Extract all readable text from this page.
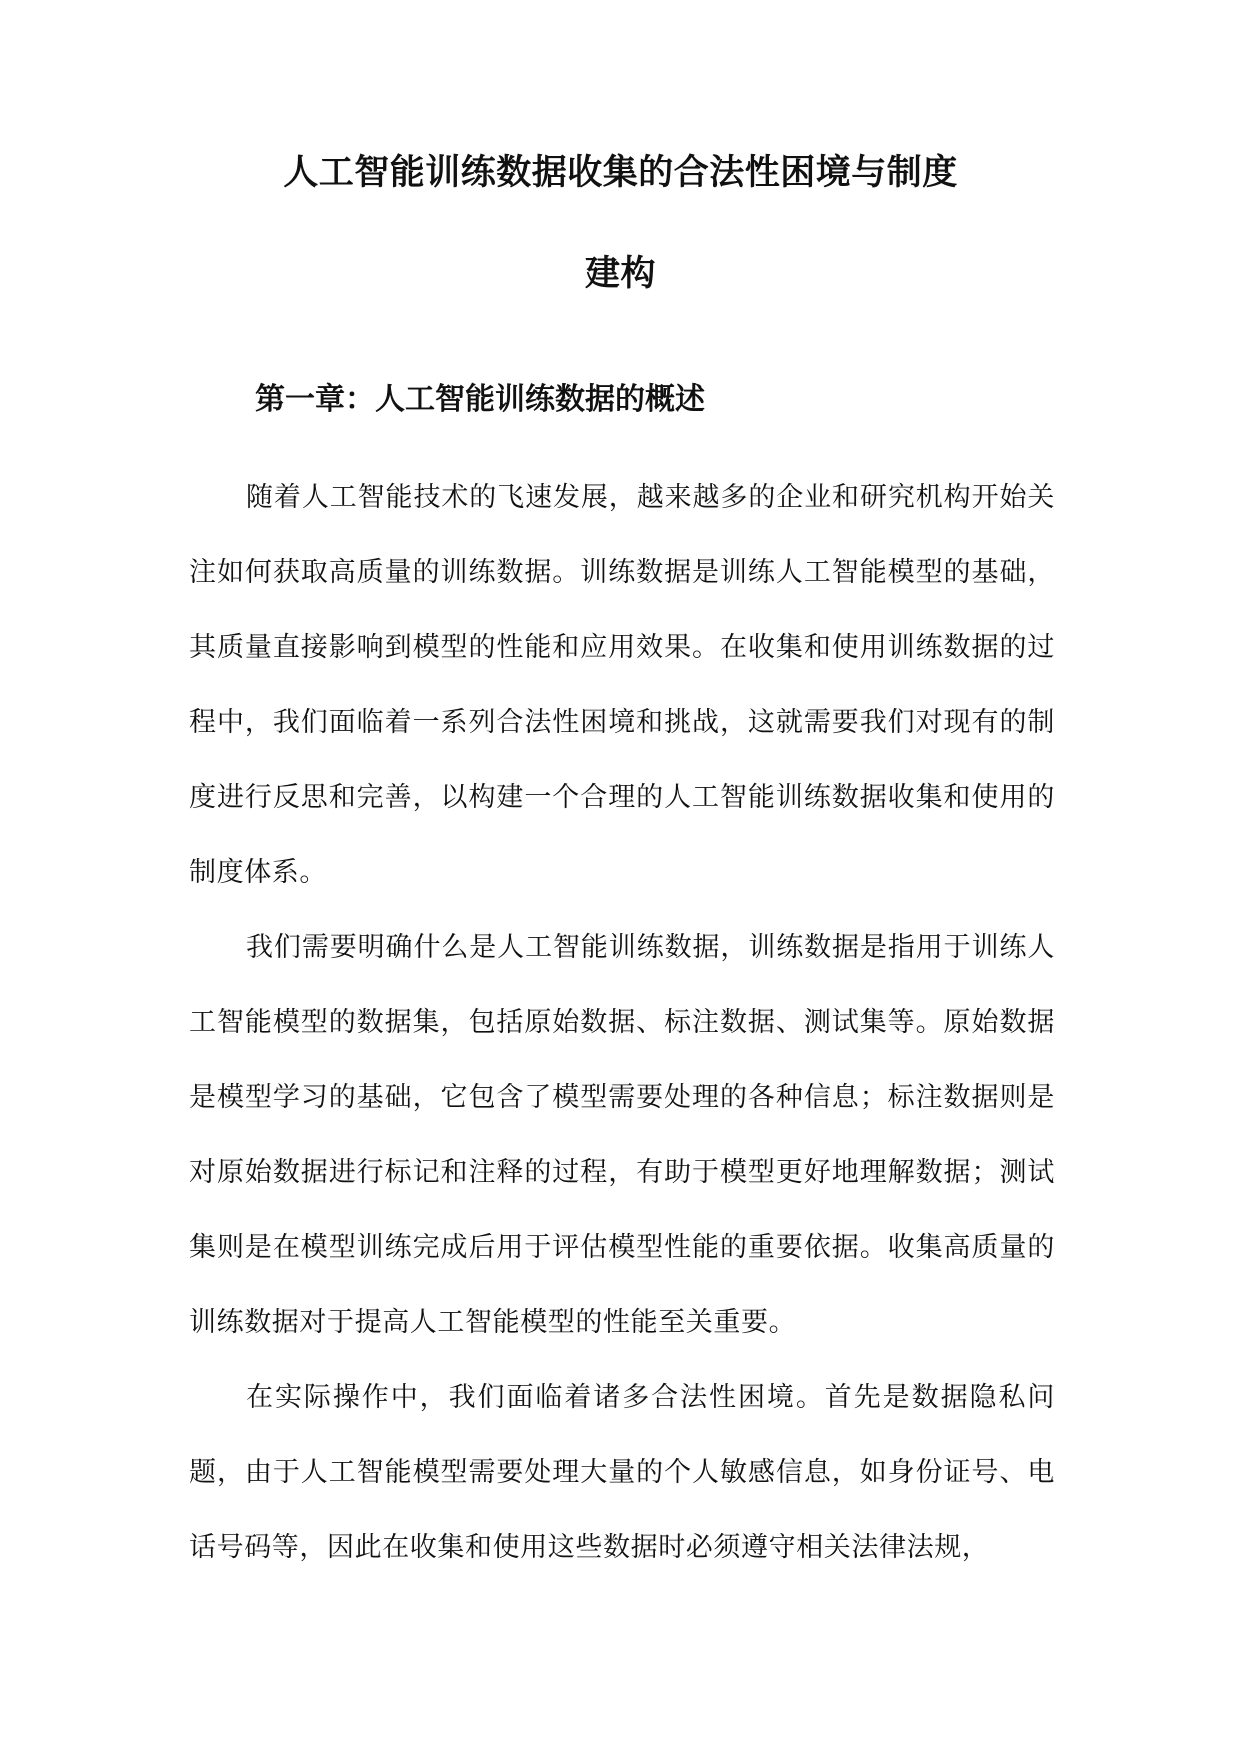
人工智能训练数据收集的合法性困境与制度
建构
第一章：人工智能训练数据的概述

随着人工智能技术的飞速发展，越来越多的企业和研究机构开始关注如何获取高质量的训练数据。训练数据是训练人工智能模型的基础，其质量直接影响到模型的性能和应用效果。在收集和使用训练数据的过程中，我们面临着一系列合法性困境和挑战，这就需要我们对现有的制度进行反思和完善，以构建一个合理的人工智能训练数据收集和使用的制度体系。

我们需要明确什么是人工智能训练数据，训练数据是指用于训练人工智能模型的数据集，包括原始数据、标注数据、测试集等。原始数据是模型学习的基础，它包含了模型需要处理的各种信息；标注数据则是对原始数据进行标记和注释的过程，有助于模型更好地理解数据；测试集则是在模型训练完成后用于评估模型性能的重要依据。收集高质量的训练数据对于提高人工智能模型的性能至关重要。

在实际操作中，我们面临着诸多合法性困境。首先是数据隐私问题，由于人工智能模型需要处理大量的个人敏感信息，如身份证号、电话号码等，因此在收集和使用这些数据时必须遵守相关法律法规，
